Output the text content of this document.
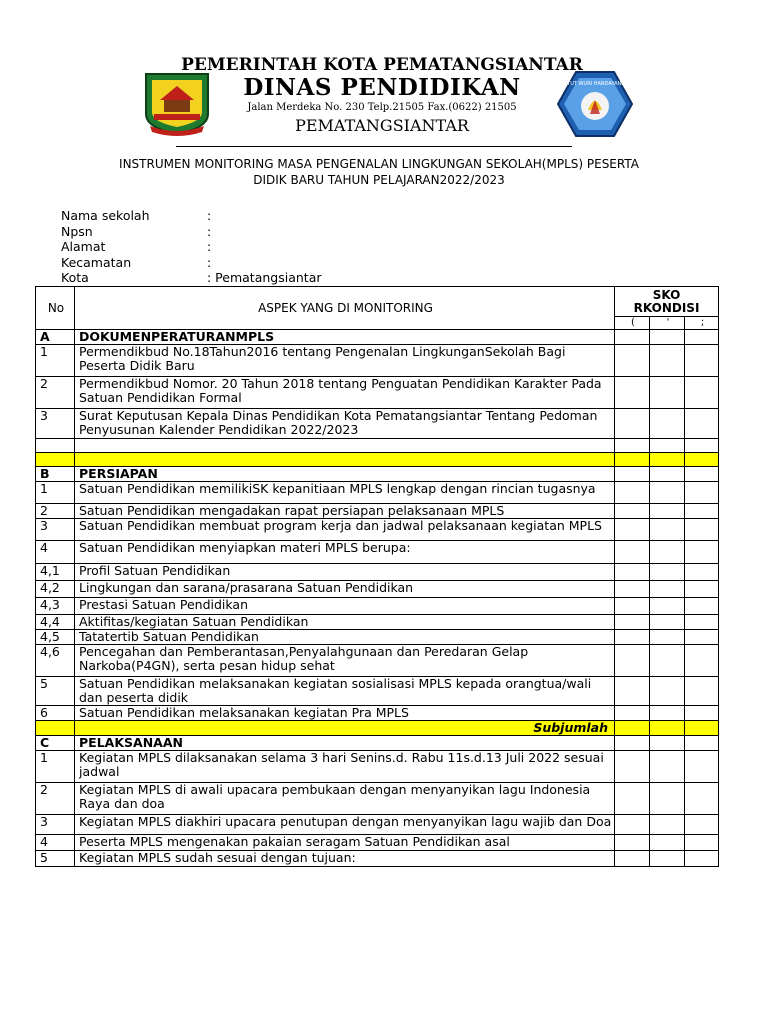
TUT WURI HANDAYANI
PEMERINTAH KOTA PEMATANGSIANTAR
DINAS PENDIDIKAN
Jalan Merdeka No. 230 Telp.21505 Fax.(0622) 21505
PEMATANGSIANTAR
INSTRUMEN MONITORING MASA PENGENALAN LINGKUNGAN SEKOLAH(MPLS) PESERTA
DIDIK BARU TAHUN PELAJARAN2022/2023
Nama sekolah	:
Npsn	:
Alamat	:
Kecamatan	:
Kota	: Pematangsiantar
No	ASPEK YANG DI MONITORING	SKO
RKONDISI		

		(	'	;
A	DOKUMENPERATURANMPLS			
1	Permendikbud No.18Tahun2016 tentang Pengenalan LingkunganSekolah Bagi Peserta Didik Baru			
2	Permendikbud Nomor. 20 Tahun 2018 tentang Penguatan Pendidikan Karakter Pada Satuan Pendidikan Formal			
3	Surat Keputusan Kepala Dinas Pendidikan Kota Pematangsiantar Tentang Pedoman Penyusunan Kalender Pendidikan 2022/2023			

B	PERSIAPAN			
1	Satuan Pendidikan memilikiSK kepanitiaan MPLS lengkap dengan rincian tugasnya			
2	Satuan Pendidikan mengadakan rapat persiapan pelaksanaan MPLS			
3	Satuan Pendidikan membuat program kerja dan jadwal pelaksanaan kegiatan MPLS			
4	Satuan Pendidikan menyiapkan materi MPLS berupa:			
4,1	Profil Satuan Pendidikan			
4,2	Lingkungan dan sarana/prasarana Satuan Pendidikan			
4,3	Prestasi Satuan Pendidikan			
4,4	Aktifitas/kegiatan Satuan Pendidikan			
4,5	Tatatertib Satuan Pendidikan			
4,6	Pencegahan dan Pemberantasan,Penyalahgunaan dan Peredaran Gelap Narkoba(P4GN), serta pesan hidup sehat			
5	Satuan Pendidikan melaksanakan kegiatan sosialisasi MPLS kepada orangtua/wali dan peserta didik			
6	Satuan Pendidikan melaksanakan kegiatan Pra MPLS			
	Subjumlah			
C	PELAKSANAAN			
1	Kegiatan MPLS dilaksanakan selama 3 hari Senins.d. Rabu 11s.d.13 Juli 2022 sesuai jadwal			
2	Kegiatan MPLS di awali upacara pembukaan dengan menyanyikan lagu Indonesia Raya dan doa			
3	Kegiatan MPLS diakhiri upacara penutupan dengan menyanyikan lagu wajib dan Doa			
4	Peserta MPLS mengenakan pakaian seragam Satuan Pendidikan asal			
5	Kegiatan MPLS sudah sesuai dengan tujuan:			
